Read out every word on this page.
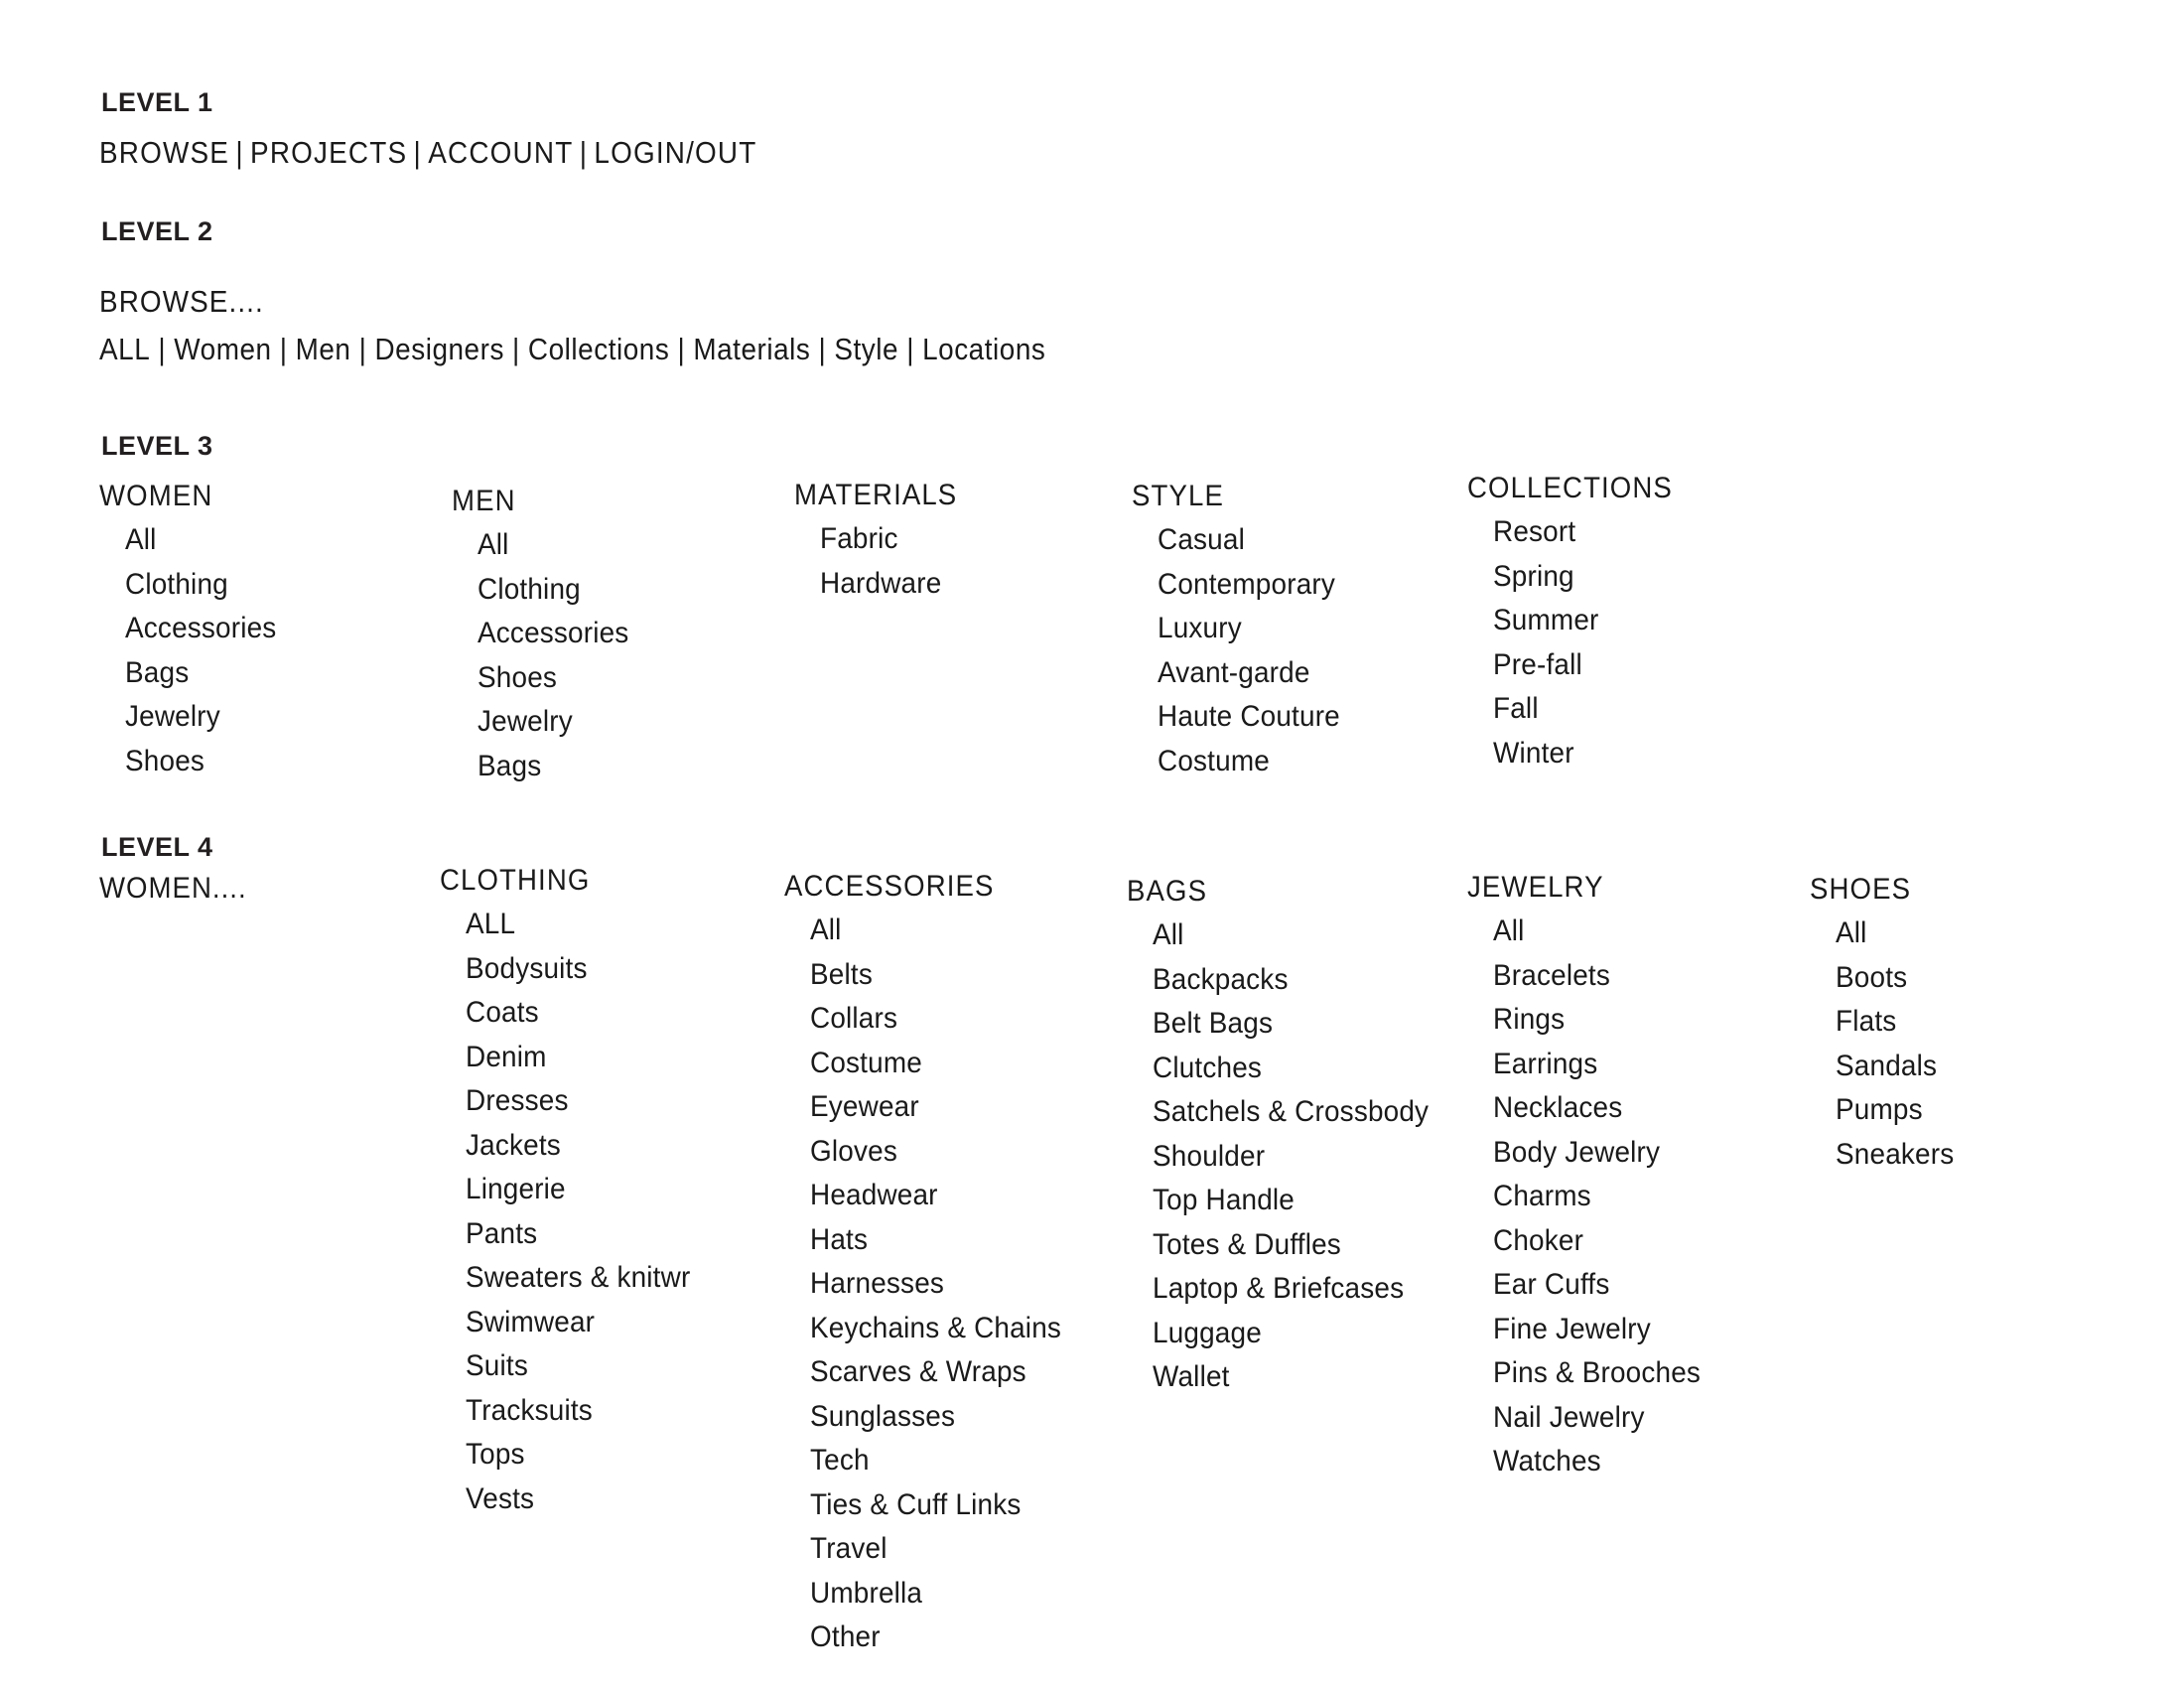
LEVEL 1
BROWSE | PROJECTS | ACCOUNT | LOGIN/OUT
LEVEL 2
BROWSE....
ALL | Women | Men | Designers | Collections | Materials | Style | Locations
LEVEL 3
WOMEN
All
Clothing
Accessories
Bags
Jewelry
Shoes
MEN
All
Clothing
Accessories
Shoes
Jewelry
Bags
MATERIALS
Fabric
Hardware
STYLE
Casual
Contemporary
Luxury
Avant-garde
Haute Couture
Costume
COLLECTIONS
Resort
Spring
Summer
Pre-fall
Fall
Winter
LEVEL 4
WOMEN....	CLOTHING
ALL
Bodysuits
Coats
Denim
Dresses
Jackets
Lingerie
Pants
Sweaters & knitwr
Swimwear
Suits
Tracksuits
Tops
Vests
ACCESSORIES
All
Belts
Collars
Costume
Eyewear
Gloves
Headwear
Hats
Harnesses
Keychains & Chains
Scarves & Wraps
Sunglasses
Tech
Ties & Cuff Links
Travel
Umbrella
Other
BAGS
All
Backpacks
Belt Bags
Clutches
Satchels & Crossbody
Shoulder
Top Handle
Totes & Duffles
Laptop & Briefcases
Luggage
Wallet
JEWELRY
All
Bracelets
Rings
Earrings
Necklaces
Body Jewelry
Charms
Choker
Ear Cuffs
Fine Jewelry
Pins & Brooches
Nail Jewelry
Watches
SHOES
All
Boots
Flats
Sandals
Pumps
Sneakers
